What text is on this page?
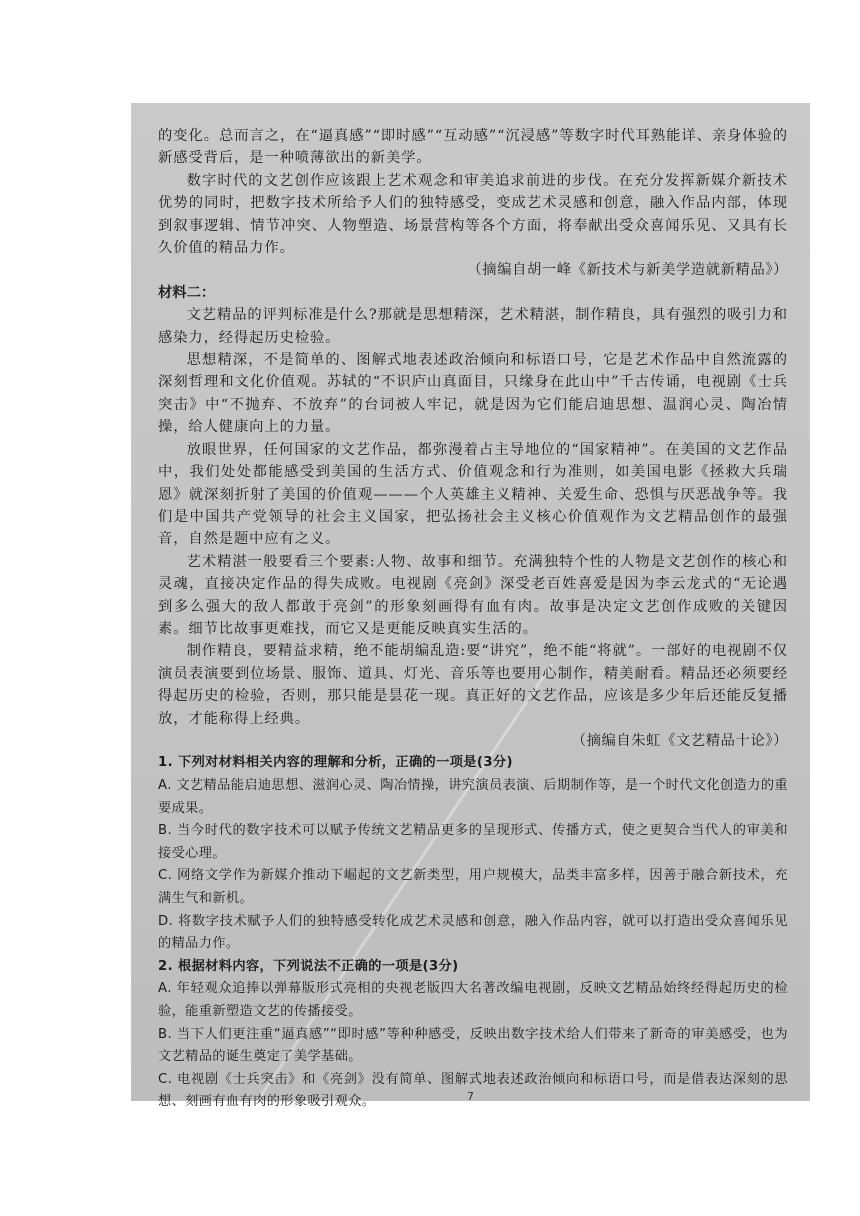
的变化。总而言之，在“逼真感”“即时感”“互动感”“沉浸感”等数字时代耳熟能详、亲身体验的新感受背后，是一种喷薄欲出的新美学。

数字时代的文艺创作应该跟上艺术观念和审美追求前进的步伐。在充分发挥新媒介新技术优势的同时，把数字技术所给予人们的独特感受，变成艺术灵感和创意，融入作品内部，体现到叙事逻辑、情节冲突、人物塑造、场景营构等各个方面，将奉献出受众喜闻乐见、又具有长久价值的精品力作。

（摘编自胡一峰《新技术与新美学造就新精品》）

材料二：

文艺精品的评判标准是什么?那就是思想精深，艺术精湛，制作精良，具有强烈的吸引力和感染力，经得起历史检验。

思想精深，不是简单的、图解式地表述政治倾向和标语口号，它是艺术作品中自然流露的深刻哲理和文化价值观。苏轼的“不识庐山真面目，只缘身在此山中”千古传诵，电视剧《士兵突击》中“不抛弃、不放弃”的台词被人牢记，就是因为它们能启迪思想、温润心灵、陶冶情操，给人健康向上的力量。

放眼世界，任何国家的文艺作品，都弥漫着占主导地位的“国家精神”。在美国的文艺作品中，我们处处都能感受到美国的生活方式、价值观念和行为准则，如美国电影《拯救大兵瑞恩》就深刻折射了美国的价值观———个人英雄主义精神、关爱生命、恐惧与厌恶战争等。我们是中国共产党领导的社会主义国家，把弘扬社会主义核心价值观作为文艺精品创作的最强音，自然是题中应有之义。

艺术精湛一般要看三个要素:人物、故事和细节。充满独特个性的人物是文艺创作的核心和灵魂，直接决定作品的得失成败。电视剧《亮剑》深受老百姓喜爱是因为李云龙式的“无论遇到多么强大的敌人都敢于亮剑”的形象刻画得有血有肉。故事是决定文艺创作成败的关键因素。细节比故事更难找，而它又是更能反映真实生活的。

制作精良，要精益求精，绝不能胡编乱造:要“讲究”，绝不能“将就”。一部好的电视剧不仅演员表演要到位场景、服饰、道具、灯光、音乐等也要用心制作，精美耐看。精品还必须要经得起历史的检验，否则，那只能是昙花一现。真正好的文艺作品，应该是多少年后还能反复播放，才能称得上经典。

（摘编自朱虹《文艺精品十论》）

1. 下列对材料相关内容的理解和分析，正确的一项是(3分)

A. 文艺精品能启迪思想、滋润心灵、陶冶情操，讲究演员表演、后期制作等，是一个时代文化创造力的重要成果。

B. 当今时代的数字技术可以赋予传统文艺精品更多的呈现形式、传播方式，使之更契合当代人的审美和接受心理。

C. 网络文学作为新媒介推动下崛起的文艺新类型，用户规模大，品类丰富多样，因善于融合新技术，充满生气和新机。

D. 将数字技术赋予人们的独特感受转化成艺术灵感和创意，融入作品内容，就可以打造出受众喜闻乐见的精品力作。

2. 根据材料内容，下列说法不正确的一项是(3分)

A. 年轻观众追捧以弹幕版形式亮相的央视老版四大名著改编电视剧，反映文艺精品始终经得起历史的检验，能重新塑造文艺的传播接受。

B. 当下人们更注重“逼真感”“即时感”等种种感受，反映出数字技术给人们带来了新奇的审美感受，也为文艺精品的诞生奠定了美学基础。

C. 电视剧《士兵突击》和《亮剑》没有简单、图解式地表述政治倾向和标语口号，而是借表达深刻的思想、刻画有血有肉的形象吸引观众。	7
